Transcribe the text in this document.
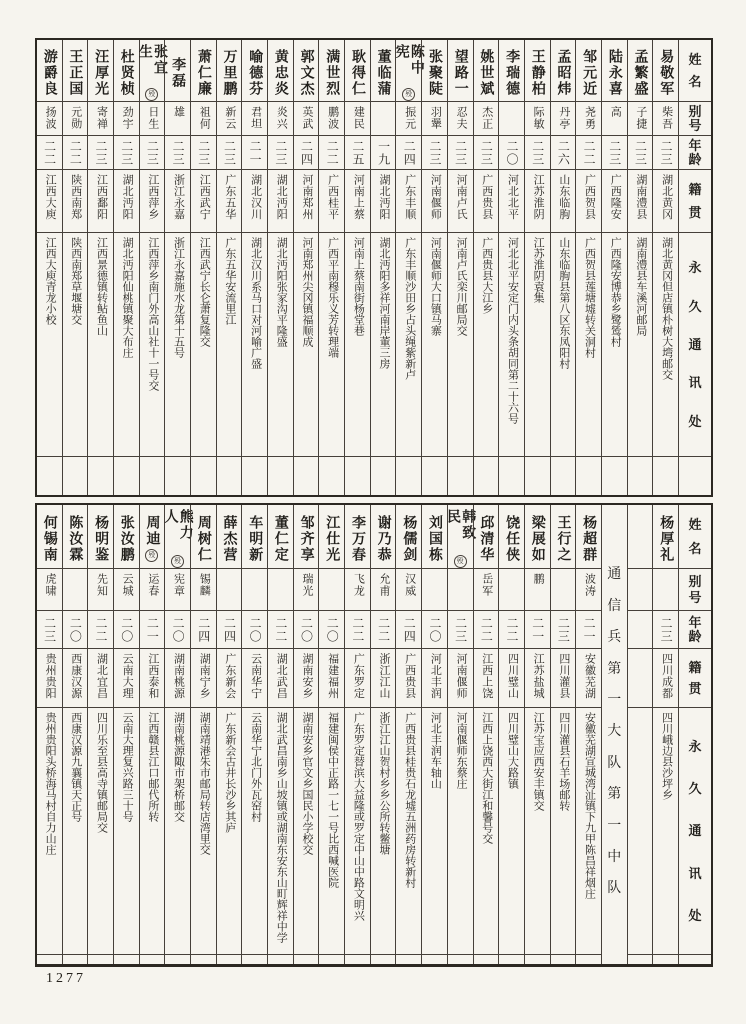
姓
名
别
号
年
龄
籍
贯
永
久
通
讯
处
易敬军
柴吾
二三
湖北黄冈
湖北黄冈但店镇朴树大塆邮交
孟繁盛
子捷
二三
湖南澧县
湖南澧县车溪河邮局
陆永喜
高
二三
广西隆安
广西隆安博恭乡鹭鸶村
邹元近
尧勇
二二
广西贺县
广西贺县莲塘墟转关洞村
孟昭炜
丹亭
二六
山东临朐
山东临朐县第八区东凤阳村
王静柏
际敏
二三
江苏淮阴
江苏淮阴袁集
李瑞德
二〇
河北北平
河北北平安定门内头条胡同第二十六号
姚世斌
杰正
二三
广西贵县
广西贵县大江乡
望路一
忍夫
二三
河南卢氏
河南卢氏栾川邮局交
张聚陡
羽犟
二三
河南偃师
河南偃师大口镇马寨
陈中宪
殁
振元
二四
广东丰顺
广东丰顺沙田乡占头绳紫新卢
董临蒲
一九
湖北沔阳
湖北沔阳多祥河南岸董三房
耿得仁
建民
二五
河南上蔡
河南上蔡南街杨堂巷
满世烈
鹏波
二二
广西桂平
广西平南穆乐义芳转理端
郭文杰
英武
二四
河南郑州
河南郑州尖冈镇福顺成
黄忠炎
炎兴
二三
湖北沔阳
湖北沔阳张家沟平隆盛
喻德芬
君坦
二一
湖北汉川
湖北汉川系马口对河喻广盛
万里鹏
新云
二三
广东五华
广东五华安流里江
萧仁廉
祖何
二三
江西武宁
江西武宁长仑萧复隆交
李磊
雄
二三
浙江永嘉
浙江永嘉施水龙第十五号
张宜生
殁
日生
二三
江西萍乡
江西萍乡南门外高山社十一号交
杜贤桢
劲宇
二三
湖北沔阳
湖北沔阳仙桃镇聚大布庄
汪厚光
寄禅
二三
江西鄱阳
江西景德镇转鲇鱼山
王正国
元勋
二二
陕西南郑
陕西南郑草堰塘交
游爵良
扬波
二二
江西大庾
江西大庾青龙小校
姓
名
别
号
年
龄
籍
贯
永
久
通
讯
处
杨厚礼
二三
四川成都
四川峨边县沙坪乡
通
信
兵
第
一
大
队
第
一
中
队
杨超群
波涛
二一
安徽芜湖
安徽芜湖宣城湾沚镇下九甲陈昌祥烟庄
王行之
二三
四川灌县
四川灌县石羊场邮转
梁展如
鹏
二一
江苏盐城
江苏宝应西安丰镇交
饶任侠
二二
四川璧山
四川璧山大路镇
邱清华
岳军
二二
江西上饶
江西上饶西大街江和馨号交
韩致民
殁
二三
河南偃师
河南偃师东蔡庄
刘国栋
二〇
河北丰润
河北丰润车轴山
杨儒剑
汉威
二四
广西贵县
广西贵县桂贵石龙墟五洲药房转新村
谢乃恭
允甫
二二
浙江江山
浙江江山贺村乡乡公所转鳖塘
李万春
飞龙
二二
广东罗定
广东罗定替滨大益隆或罗定中山中路文明兴
江仕光
二〇
福建福州
福建闽侯中正路一七一号比西喊医院
邹齐享
瑞光
二〇
湖南安乡
湖南安乡官文乡国民小学校交
董仁定
二二
湖北武昌
湖北武昌南乡山坡镇或湖南东安东山町辉祥中学
车明新
二〇
云南华宁
云南华宁北门外瓦窑村
薛杰营
二四
广东新会
广东新会古井长沙乡其庐
周树仁
锡麟
二四
湖南宁乡
湖南靖港朱市邮局转店湾里交
熊力人
殁
宪章
二〇
湖南桃源
湖南桃源陬市架桥邮交
周迪
殁
运春
二一
江西泰和
江西赣县江口邮代所转
张汝鹏
云城
二〇
云南大理
云南大理复兴路三十号
杨明鉴
先知
二二
湖北宜昌
四川乐至县高寺镇邮局交
陈汝霖
二〇
西康汉源
西康汉源九襄镇天正号
何锡南
虎啸
二三
贵州贵阳
贵州贵阳头桥海马村自力山庄
1277
